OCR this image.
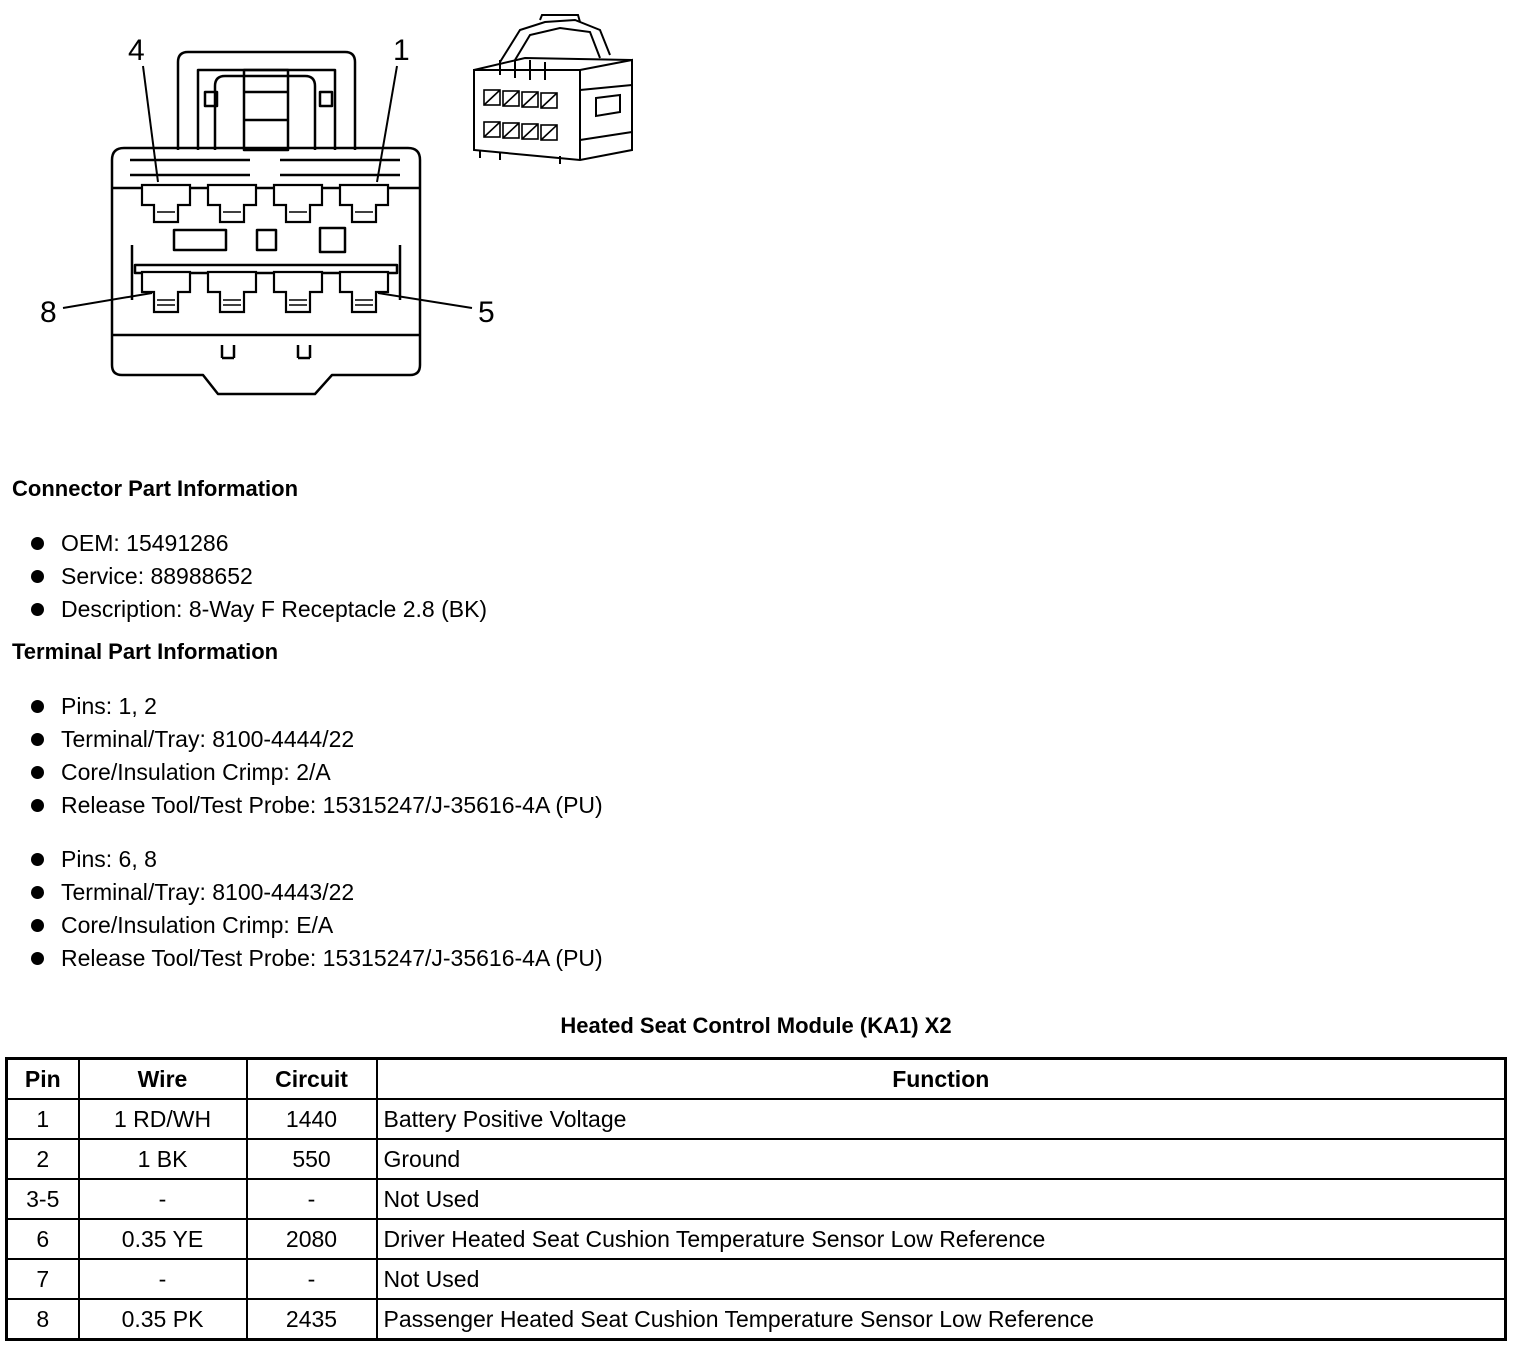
4	1
8	5
Connector Part Information
OEM: 15491286
Service: 88988652
Description: 8-Way F Receptacle 2.8 (BK)
Terminal Part Information
Pins: 1, 2
Terminal/Tray: 8100-4444/22
Core/Insulation Crimp: 2/A
Release Tool/Test Probe: 15315247/J-35616-4A (PU)
Pins: 6, 8
Terminal/Tray: 8100-4443/22
Core/Insulation Crimp: E/A
Release Tool/Test Probe: 15315247/J-35616-4A (PU)
Heated Seat Control Module (KA1) X2
Pin	Wire	Circuit	Function
1	1 RD/WH	1440	Battery Positive Voltage
2	1 BK	550	Ground
3-5	-	-	Not Used
6	0.35 YE	2080	Driver Heated Seat Cushion Temperature Sensor Low Reference
7	-	-	Not Used
8	0.35 PK	2435	Passenger Heated Seat Cushion Temperature Sensor Low Reference
